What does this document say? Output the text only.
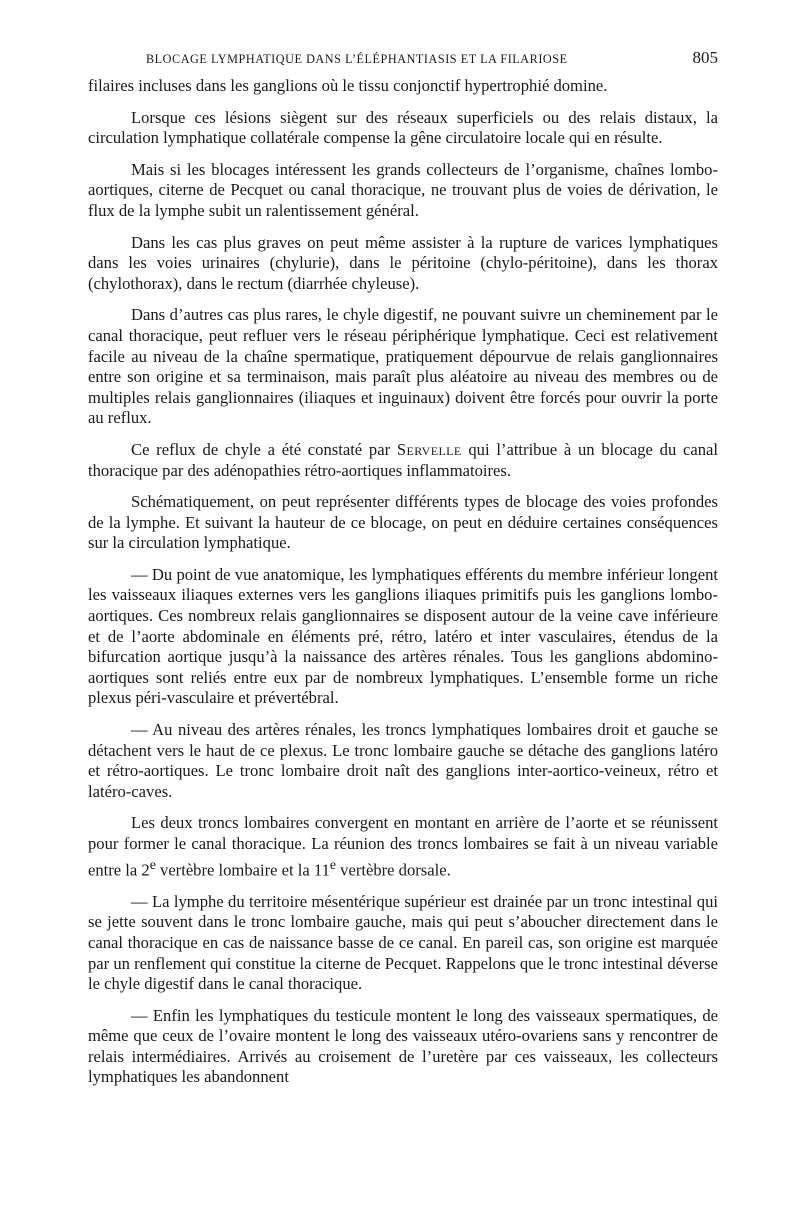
BLOCAGE LYMPHATIQUE DANS L’ÉLÉPHANTIASIS ET LA FILARIOSE	805

filaires incluses dans les ganglions où le tissu conjonctif hypertrophié domine.

Lorsque ces lésions siègent sur des réseaux superficiels ou des relais distaux, la circulation lymphatique collatérale compense la gêne circulatoire locale qui en résulte.

Mais si les blocages intéressent les grands collecteurs de l’organisme, chaînes lombo-aortiques, citerne de Pecquet ou canal thoracique, ne trouvant plus de voies de dérivation, le flux de la lymphe subit un ralentissement général.

Dans les cas plus graves on peut même assister à la rupture de varices lymphatiques dans les voies urinaires (chylurie), dans le péritoine (chylo-péritoine), dans les thorax (chylothorax), dans le rectum (diarrhée chyleuse).

Dans d’autres cas plus rares, le chyle digestif, ne pouvant suivre un cheminement par le canal thoracique, peut refluer vers le réseau périphérique lymphatique. Ceci est relativement facile au niveau de la chaîne spermatique, pratiquement dépourvue de relais ganglionnaires entre son origine et sa terminaison, mais paraît plus aléatoire au niveau des membres ou de multiples relais ganglionnaires (iliaques et inguinaux) doivent être forcés pour ouvrir la porte au reflux.

Ce reflux de chyle a été constaté par Servelle qui l’attribue à un blocage du canal thoracique par des adénopathies rétro-aortiques inflammatoires.

Schématiquement, on peut représenter différents types de blocage des voies profondes de la lymphe. Et suivant la hauteur de ce blocage, on peut en déduire certaines conséquences sur la circulation lymphatique.

— Du point de vue anatomique, les lymphatiques efférents du membre inférieur longent les vaisseaux iliaques externes vers les ganglions iliaques primitifs puis les ganglions lombo-aortiques. Ces nombreux relais ganglionnaires se disposent autour de la veine cave inférieure et de l’aorte abdominale en éléments pré, rétro, latéro et inter vasculaires, étendus de la bifurcation aortique jusqu’à la naissance des artères rénales. Tous les ganglions abdomino-aortiques sont reliés entre eux par de nombreux lymphatiques. L’ensemble forme un riche plexus péri-vasculaire et prévertébral.

— Au niveau des artères rénales, les troncs lymphatiques lombaires droit et gauche se détachent vers le haut de ce plexus. Le tronc lombaire gauche se détache des ganglions latéro et rétro-aortiques. Le tronc lombaire droit naît des ganglions inter-aortico-veineux, rétro et latéro-caves.

Les deux troncs lombaires convergent en montant en arrière de l’aorte et se réunissent pour former le canal thoracique. La réunion des troncs lombaires se fait à un niveau variable entre la 2e vertèbre lombaire et la 11e vertèbre dorsale.

— La lymphe du territoire mésentérique supérieur est drainée par un tronc intestinal qui se jette souvent dans le tronc lombaire gauche, mais qui peut s’aboucher directement dans le canal thoracique en cas de naissance basse de ce canal. En pareil cas, son origine est marquée par un renflement qui constitue la citerne de Pecquet. Rappelons que le tronc intestinal déverse le chyle digestif dans le canal thoracique.

— Enfin les lymphatiques du testicule montent le long des vaisseaux spermatiques, de même que ceux de l’ovaire montent le long des vaisseaux utéro-ovariens sans y rencontrer de relais intermédiaires. Arrivés au croisement de l’uretère par ces vaisseaux, les collecteurs lymphatiques les abandonnent
